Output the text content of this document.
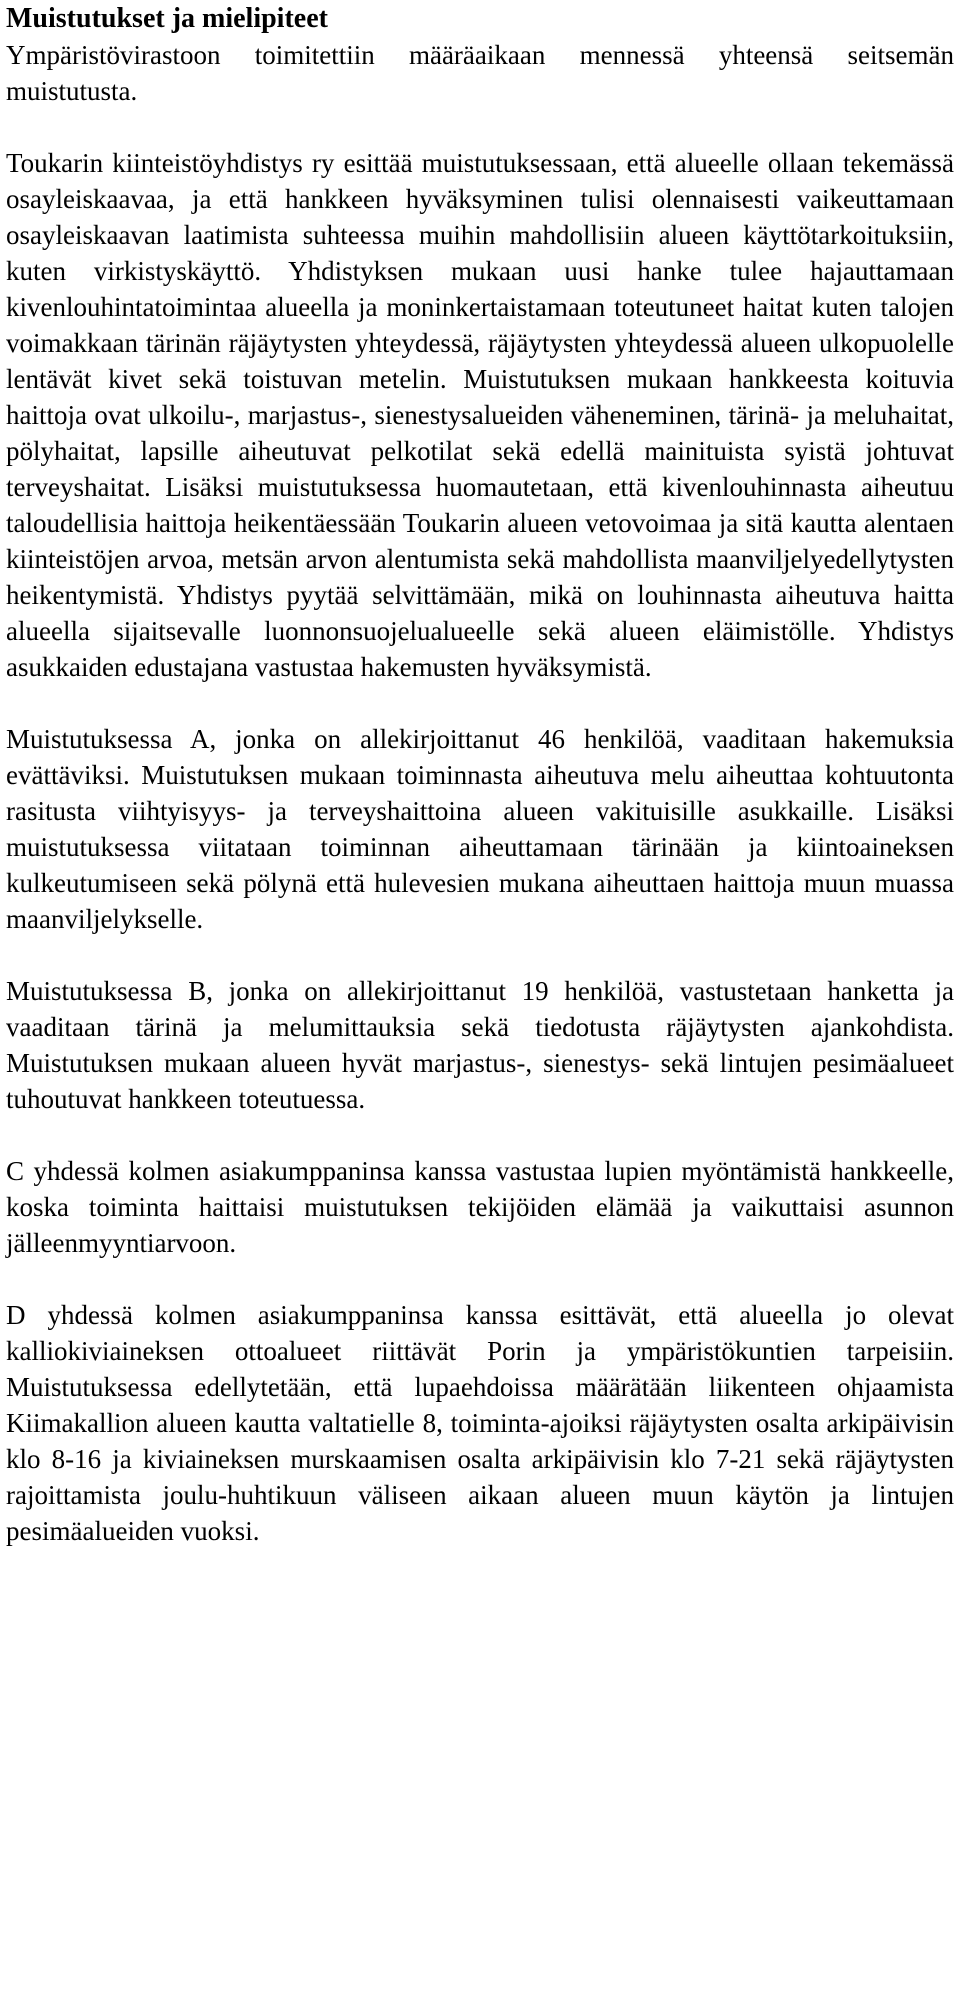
Muistutukset ja mielipiteet

Ympäristövirastoon toimitettiin määräaikaan mennessä yhteensä seitsemän muistutusta.

Toukarin kiinteistöyhdistys ry esittää muistutuksessaan, että alueelle ollaan tekemässä osayleiskaavaa, ja että hankkeen hyväksyminen tulisi olennaisesti vaikeuttamaan osayleiskaavan laatimista suhteessa muihin mahdollisiin alueen käyttötarkoituksiin, kuten virkistyskäyttö. Yhdistyksen mukaan uusi hanke tulee hajauttamaan kivenlouhintatoimintaa alueella ja moninkertaistamaan toteutuneet haitat kuten talojen voimakkaan tärinän räjäytysten yhteydessä, räjäytysten yhteydessä alueen ulkopuolelle lentävät kivet sekä toistuvan metelin. Muistutuksen mukaan hankkeesta koituvia haittoja ovat ulkoilu-, marjastus-, sienestysalueiden väheneminen, tärinä- ja meluhaitat, pölyhaitat, lapsille aiheutuvat pelkotilat sekä edellä mainituista syistä johtuvat terveyshaitat. Lisäksi muistutuksessa huomautetaan, että kivenlouhinnasta aiheutuu taloudellisia haittoja heikentäessään Toukarin alueen vetovoimaa ja sitä kautta alentaen kiinteistöjen arvoa, metsän arvon alentumista sekä mahdollista maanviljelyedellytysten heikentymistä. Yhdistys pyytää selvittämään, mikä on louhinnasta aiheutuva haitta alueella sijaitsevalle luonnonsuojelualueelle sekä alueen eläimistölle. Yhdistys asukkaiden edustajana vastustaa hakemusten hyväksymistä.

Muistutuksessa A, jonka on allekirjoittanut 46 henkilöä, vaaditaan hakemuksia evättäviksi. Muistutuksen mukaan toiminnasta aiheutuva melu aiheuttaa kohtuutonta rasitusta viihtyisyys- ja terveyshaittoina alueen vakituisille asukkaille. Lisäksi muistutuksessa viitataan toiminnan aiheuttamaan tärinään ja kiintoaineksen kulkeutumiseen sekä pölynä että hulevesien mukana aiheuttaen haittoja muun muassa maanviljelykselle.

Muistutuksessa B, jonka on allekirjoittanut 19 henkilöä, vastustetaan hanketta ja vaaditaan tärinä ja melumittauksia sekä tiedotusta räjäytysten ajankohdista. Muistutuksen mukaan alueen hyvät marjastus-, sienestys- sekä lintujen pesimäalueet tuhoutuvat hankkeen toteutuessa.

C yhdessä kolmen asiakumppaninsa kanssa vastustaa lupien myöntämistä hankkeelle, koska toiminta haittaisi muistutuksen tekijöiden elämää ja vaikuttaisi asunnon jälleenmyyntiarvoon.

D yhdessä kolmen asiakumppaninsa kanssa esittävät, että alueella jo olevat kalliokiviaineksen ottoalueet riittävät Porin ja ympäristökuntien tarpeisiin. Muistutuksessa edellytetään, että lupaehdoissa määrätään liikenteen ohjaamista Kiimakallion alueen kautta valtatielle 8, toiminta-ajoiksi räjäytysten osalta arkipäivisin klo 8-16 ja kiviaineksen murskaamisen osalta arkipäivisin klo 7-21 sekä räjäytysten rajoittamista joulu-huhtikuun väliseen aikaan alueen muun käytön ja lintujen pesimäalueiden vuoksi.
